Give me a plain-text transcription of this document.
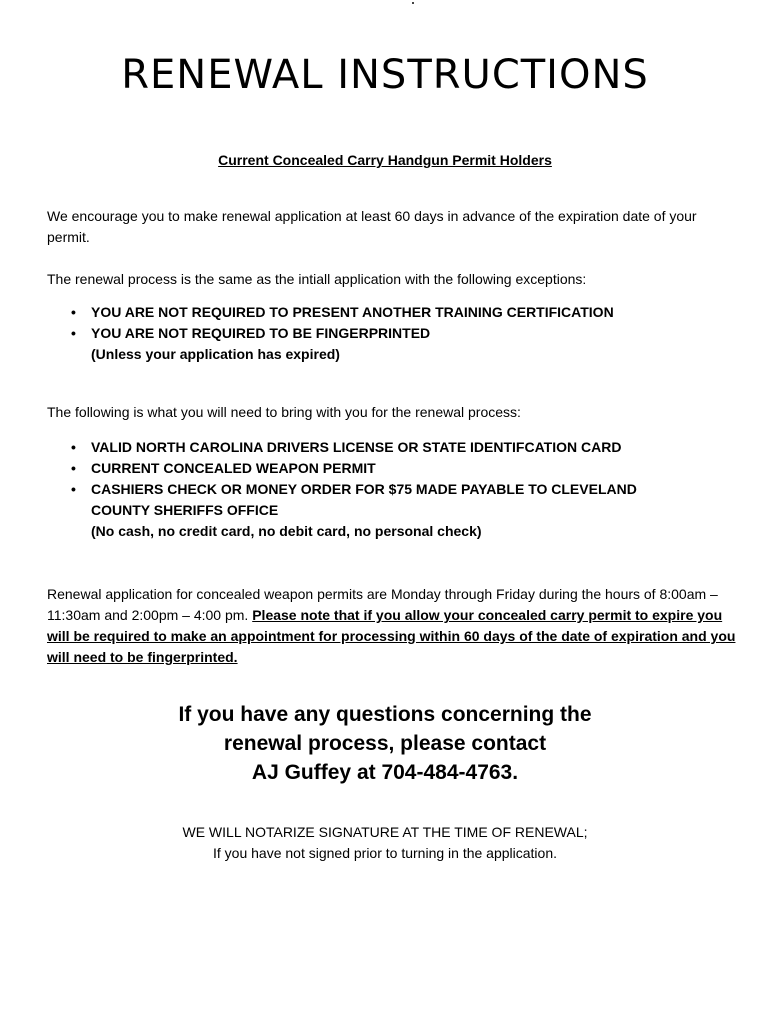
RENEWAL INSTRUCTIONS

Current Concealed Carry Handgun Permit Holders

We encourage you to make renewal application at least 60 days in advance of the expiration date of your permit.

The renewal process is the same as the intiall application with the following exceptions:

• YOU ARE NOT REQUIRED TO PRESENT ANOTHER TRAINING CERTIFICATION
• YOU ARE NOT REQUIRED TO BE FINGERPRINTED
(Unless your application has expired)

The following is what you will need to bring with you for the renewal process:

• VALID NORTH CAROLINA DRIVERS LICENSE OR STATE IDENTIFCATION CARD
• CURRENT CONCEALED WEAPON PERMIT
• CASHIERS CHECK OR MONEY ORDER FOR $75 MADE PAYABLE TO CLEVELAND COUNTY SHERIFFS OFFICE
(No cash, no credit card, no debit card, no personal check)

Renewal application for concealed weapon permits are Monday through Friday during the hours of 8:00am – 11:30am and 2:00pm – 4:00 pm. Please note that if you allow your concealed carry permit to expire you will be required to make an appointment for processing within 60 days of the date of expiration and you will need to be fingerprinted.

If you have any questions concerning the
renewal process, please contact
AJ Guffey at 704-484-4763.

WE WILL NOTARIZE SIGNATURE AT THE TIME OF RENEWAL;
If you have not signed prior to turning in the application.
